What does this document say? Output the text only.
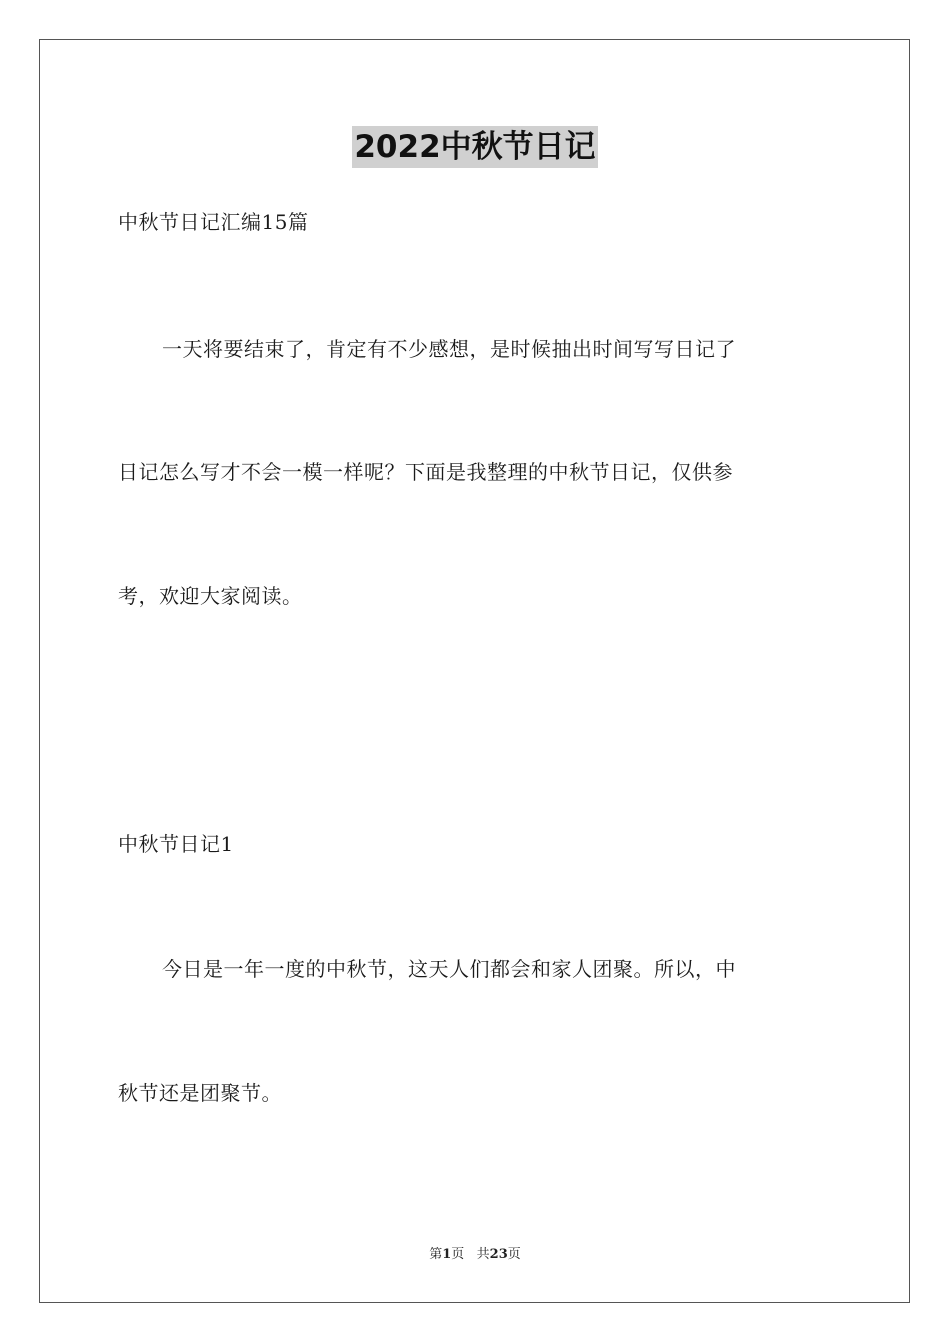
2022中秋节日记
中秋节日记汇编15篇
一天将要结束了，肯定有不少感想，是时候抽出时间写写日记了
日记怎么写才不会一模一样呢？下面是我整理的中秋节日记，仅供参
考，欢迎大家阅读。
中秋节日记1
今日是一年一度的中秋节，这天人们都会和家人团聚。所以，中
秋节还是团聚节。
第1页   共23页
